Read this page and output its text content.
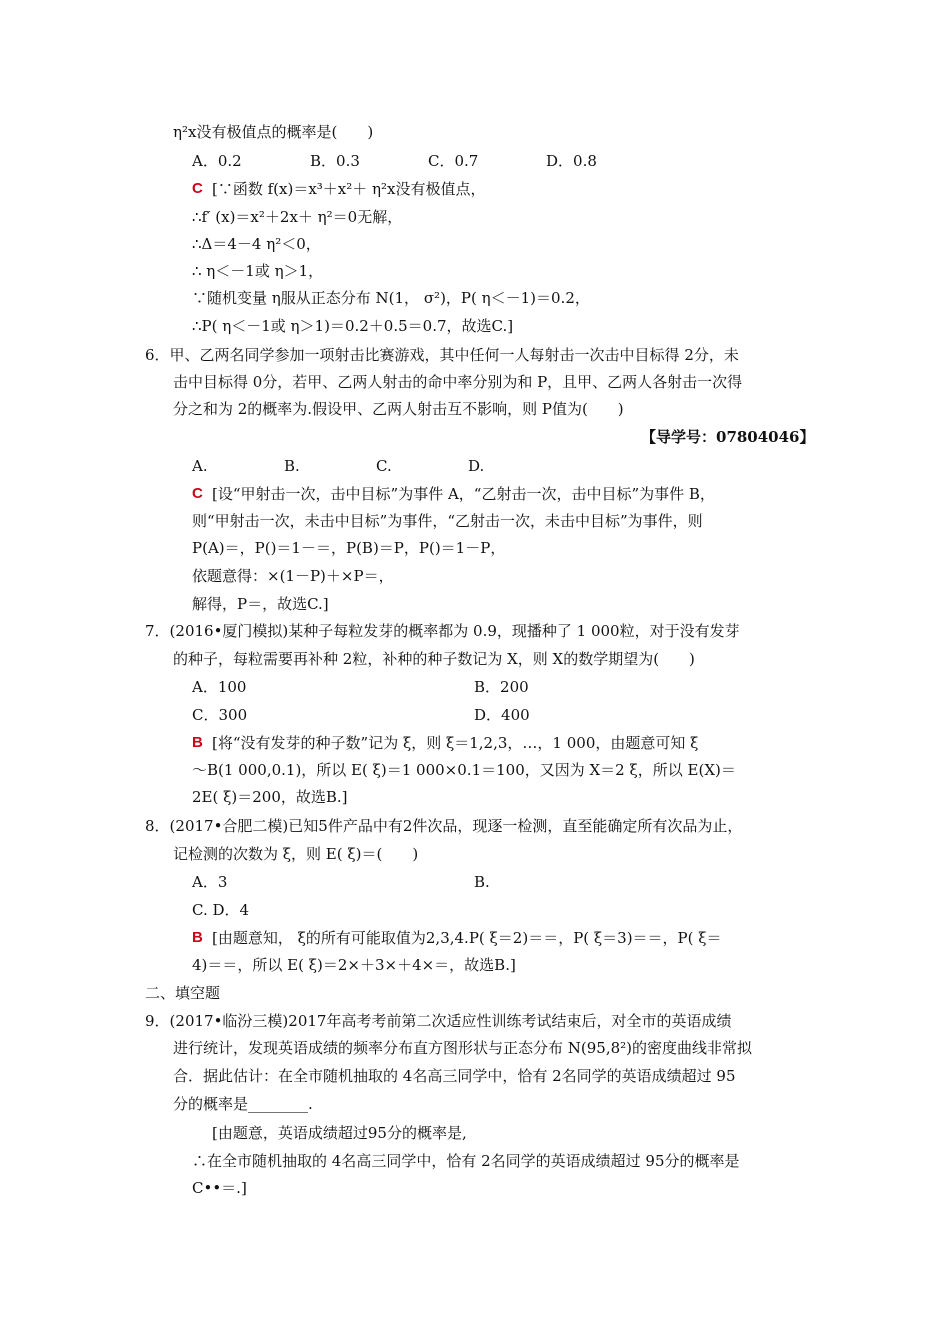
η²x没有极值点的概率是(　　)
A．0.2	B．0.3	C．0.7	D．0.8
C [∵函数 f(x)＝x³＋x²＋ η²x没有极值点，
∴f′ (x)＝x²＋2x＋ η²＝0无解，
∴Δ＝4－4 η²＜0，
∴ η＜－1或 η＞1，
∵随机变量 η服从正态分布 N(1， σ²)，P( η＜－1)＝0.2，
∴P( η＜－1或 η＞1)＝0.2＋0.5＝0.7，故选C.]
6．甲、乙两名同学参加一项射击比赛游戏，其中任何一人每射击一次击中目标得 2分，未
击中目标得 0分，若甲、乙两人射击的命中率分别为和 P，且甲、乙两人各射击一次得
分之和为 2的概率为.假设甲、乙两人射击互不影响，则 P值为(　　)
【导学号：07804046】
A.	B.	C.	D.
C [设“甲射击一次，击中目标”为事件 A，“乙射击一次，击中目标”为事件 B，
则“甲射击一次，未击中目标”为事件，“乙射击一次，未击中目标”为事件，则
P(A)＝，P()＝1－＝，P(B)＝P，P()＝1－P，
依题意得：×(1－P)＋×P＝，
解得，P＝，故选C.]
7．(2016•厦门模拟)某种子每粒发芽的概率都为 0.9，现播种了 1 000粒，对于没有发芽
的种子，每粒需要再补种 2粒，补种的种子数记为 X，则 X的数学期望为(　　)
A．100	B．200
C．300	D．400
B [将“没有发芽的种子数”记为 ξ，则 ξ＝1,2,3，…，1 000，由题意可知 ξ
～B(1 000,0.1)，所以 E( ξ)＝1 000×0.1＝100，又因为 X＝2 ξ，所以 E(X)＝
2E( ξ)＝200，故选B.]
8．(2017•合肥二模)已知5件产品中有2件次品，现逐一检测，直至能确定所有次品为止，
记检测的次数为 ξ，则 E( ξ)＝(　　)
A．3	B.
C. D．4
B [由题意知， ξ的所有可能取值为2,3,4.P( ξ＝2)＝＝，P( ξ＝3)＝＝，P( ξ＝
4)＝＝，所以 E( ξ)＝2×＋3×＋4×＝，故选B.]
二、填空题
9．(2017•临汾三模)2017年高考考前第二次适应性训练考试结束后，对全市的英语成绩
进行统计，发现英语成绩的频率分布直方图形状与正态分布 N(95,8²)的密度曲线非常拟
合．据此估计：在全市随机抽取的 4名高三同学中，恰有 2名同学的英语成绩超过 95
分的概率是________.
[由题意，英语成绩超过95分的概率是,
∴在全市随机抽取的 4名高三同学中，恰有 2名同学的英语成绩超过 95分的概率是
C••＝.]
